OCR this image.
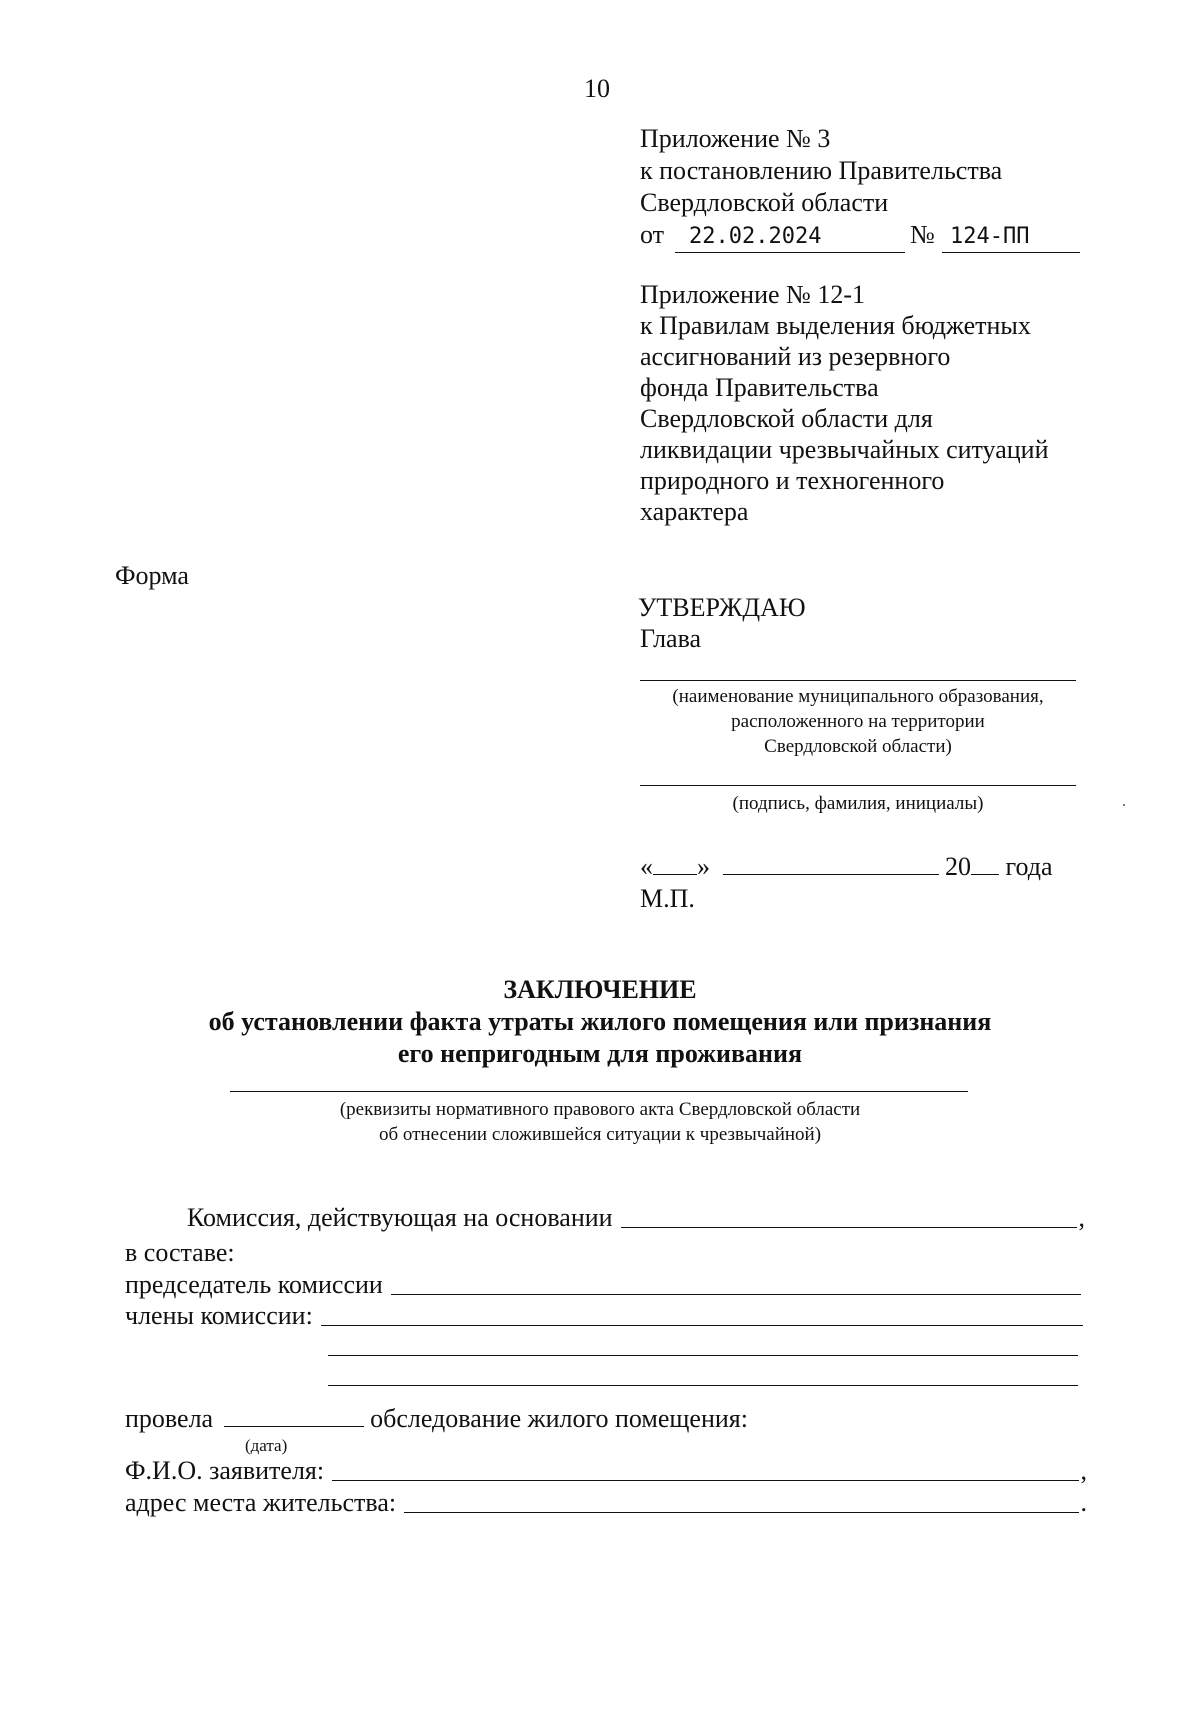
10
Приложение № 3
к постановлению Правительства
Свердловской области
от 22.02.2024	№ 124-ПП
Приложение № 12-1
к Правилам выделения бюджетных
ассигнований из резервного
фонда Правительства
Свердловской области для
ликвидации чрезвычайных ситуаций
природного и техногенного
характера
Форма
УТВЕРЖДАЮ
Глава
(наименование муниципального образования,
расположенного на территории
Свердловской области)
(подпись, фамилия, инициалы)
« »	20 года
М.П.
ЗАКЛЮЧЕНИЕ
об установлении факта утраты жилого помещения или признания
его непригодным для проживания
(реквизиты нормативного правового акта Свердловской области
об отнесении сложившейся ситуации к чрезвычайной)
Комиссия, действующая на основании	,
в составе:
председатель комиссии
члены комиссии:
провела	обследование жилого помещения:
(дата)
Ф.И.О. заявителя:	,
адрес места жительства:	.
